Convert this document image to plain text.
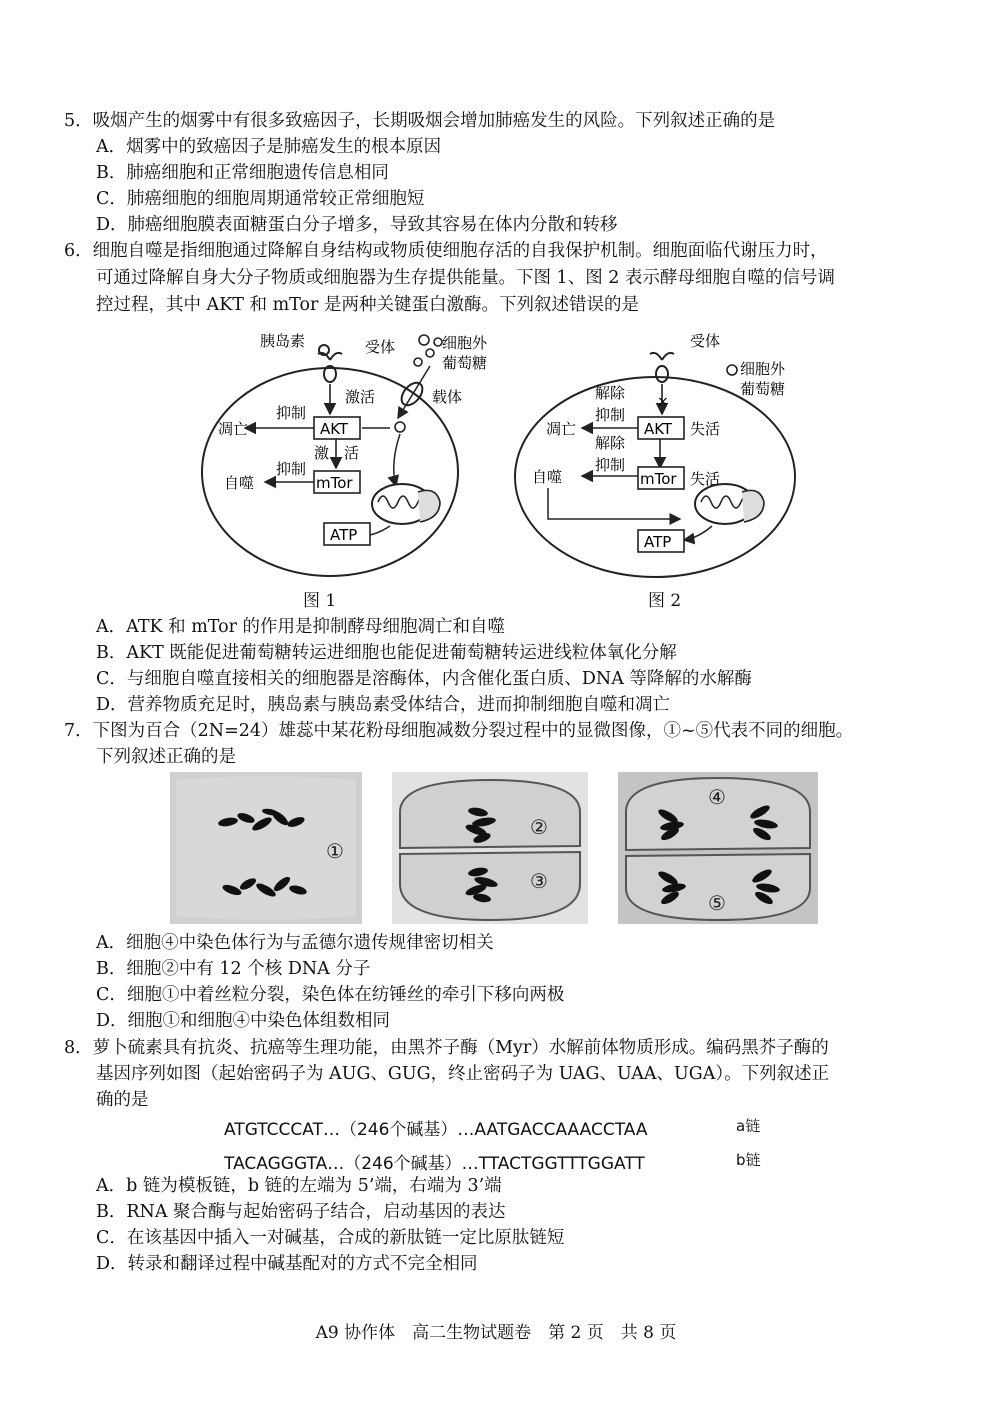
5．吸烟产生的烟雾中有很多致癌因子，长期吸烟会增加肺癌发生的风险。下列叙述正确的是
A．烟雾中的致癌因子是肺癌发生的根本原因
B．肺癌细胞和正常细胞遗传信息相同
C．肺癌细胞的细胞周期通常较正常细胞短
D．肺癌细胞膜表面糖蛋白分子增多，导致其容易在体内分散和转移
6．细胞自噬是指细胞通过降解自身结构或物质使细胞存活的自我保护机制。细胞面临代谢压力时，
可通过降解自身大分子物质或细胞器为生存提供能量。下图 1、图 2 表示酵母细胞自噬的信号调
控过程，其中 AKT 和 mTor 是两种关键蛋白激酶。下列叙述错误的是
胰岛素	受体	细胞外
葡萄糖
激活	载体
AKT
抑制
凋亡
激 活
mTor
抑制
自噬
ATP
图 1
受体
细胞外
葡萄糖
×
解除
抑制
AKT 失活
凋亡
解除
抑制
mTor 失活
自噬
ATP
图 2
A．ATK 和 mTor 的作用是抑制酵母细胞凋亡和自噬
B．AKT 既能促进葡萄糖转运进细胞也能促进葡萄糖转运进线粒体氧化分解
C．与细胞自噬直接相关的细胞器是溶酶体，内含催化蛋白质、DNA 等降解的水解酶
D．营养物质充足时，胰岛素与胰岛素受体结合，进而抑制细胞自噬和凋亡
7．下图为百合（2N=24）雄蕊中某花粉母细胞减数分裂过程中的显微图像，①~⑤代表不同的细胞。
下列叙述正确的是
①
②
③
④
⑤
A．细胞④中染色体行为与孟德尔遗传规律密切相关
B．细胞②中有 12 个核 DNA 分子
C．细胞①中着丝粒分裂，染色体在纺锤丝的牵引下移向两极
D．细胞①和细胞④中染色体组数相同
8．萝卜硫素具有抗炎、抗癌等生理功能，由黑芥子酶（Myr）水解前体物质形成。编码黑芥子酶的
基因序列如图（起始密码子为 AUG、GUG，终止密码子为 UAG、UAA、UGA）。下列叙述正
确的是
ATGTCCCAT…（246个碱基）…AATGACCAAACCTAA	a链
TACAGGGTA…（246个碱基）…TTACTGGTTTGGATT	b链
A．b 链为模板链，b 链的左端为 5’端，右端为 3’端
B．RNA 聚合酶与起始密码子结合，启动基因的表达
C．在该基因中插入一对碱基，合成的新肽链一定比原肽链短
D．转录和翻译过程中碱基配对的方式不完全相同
A9 协作体　高二生物试题卷　第 2 页　共 8 页
